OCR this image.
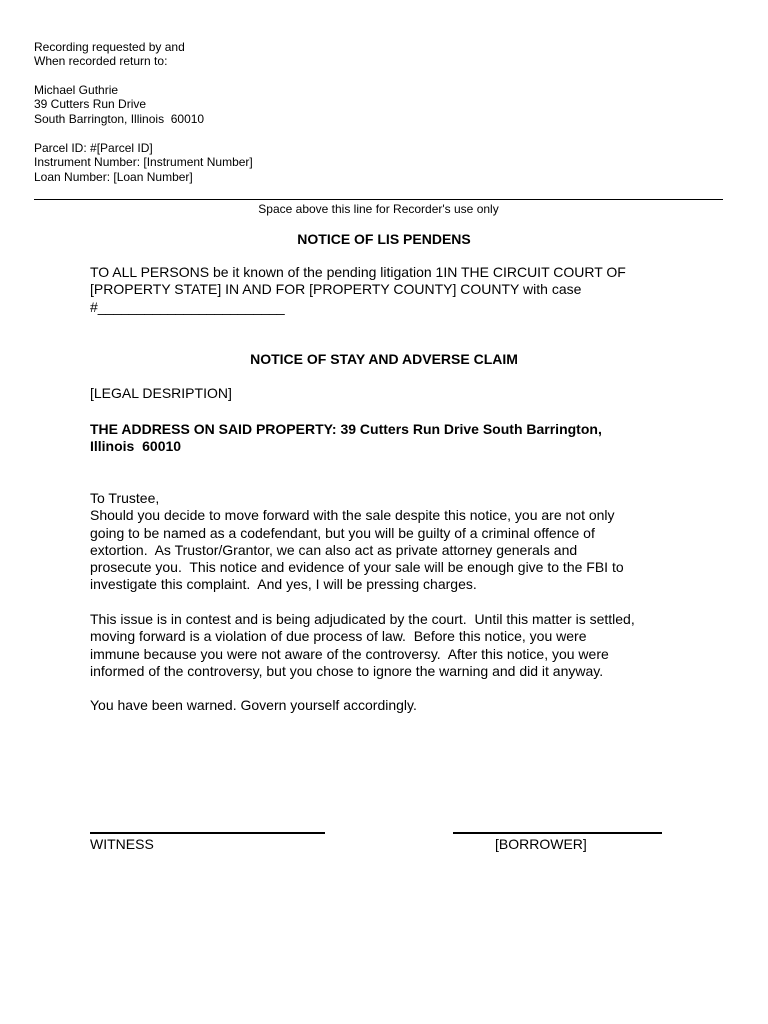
Recording requested by and
When recorded return to:
Michael Guthrie
39 Cutters Run Drive
South Barrington, Illinois  60010
Parcel ID: #[Parcel ID]
Instrument Number: [Instrument Number]
Loan Number: [Loan Number]
Space above this line for Recorder's use only
NOTICE OF LIS PENDENS
TO ALL PERSONS be it known of the pending litigation 1IN THE CIRCUIT COURT OF
[PROPERTY STATE] IN AND FOR [PROPERTY COUNTY] COUNTY with case
#________________________
NOTICE OF STAY AND ADVERSE CLAIM
[LEGAL DESRIPTION]
THE ADDRESS ON SAID PROPERTY: 39 Cutters Run Drive South Barrington,
Illinois  60010
To Trustee,
Should you decide to move forward with the sale despite this notice, you are not only
going to be named as a codefendant, but you will be guilty of a criminal offence of
extortion.  As Trustor/Grantor, we can also act as private attorney generals and
prosecute you.  This notice and evidence of your sale will be enough give to the FBI to
investigate this complaint.  And yes, I will be pressing charges.
This issue is in contest and is being adjudicated by the court.  Until this matter is settled,
moving forward is a violation of due process of law.  Before this notice, you were
immune because you were not aware of the controversy.  After this notice, you were
informed of the controversy, but you chose to ignore the warning and did it anyway.
You have been warned. Govern yourself accordingly.
WITNESS	[BORROWER]
